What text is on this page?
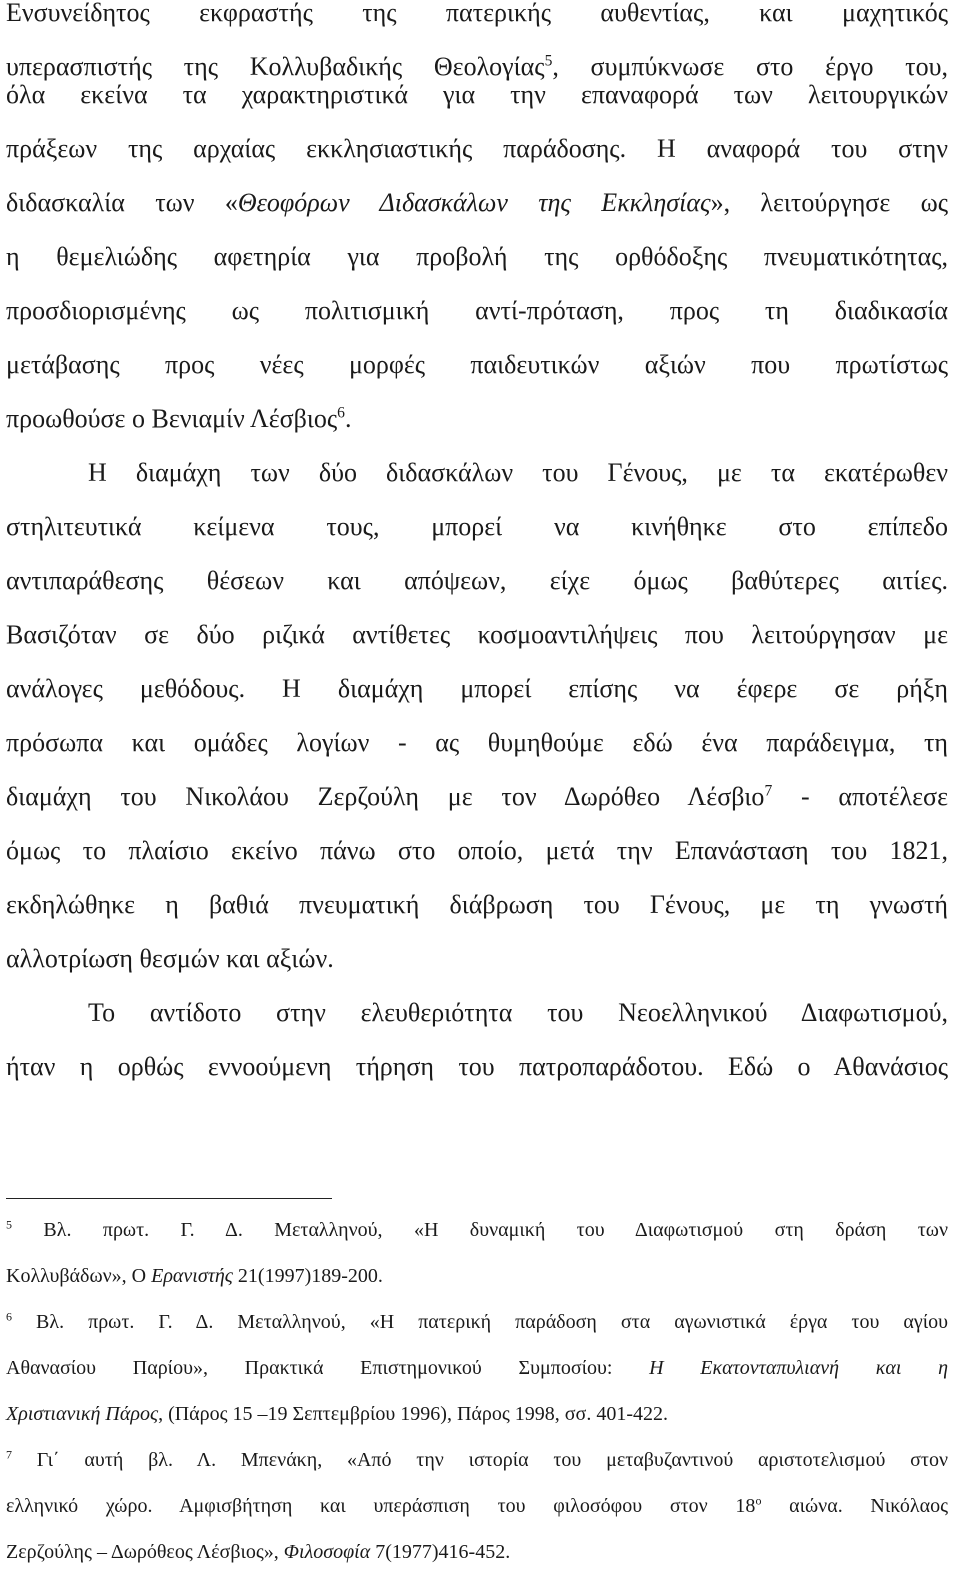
Ενσυνείδητος εκφραστής της πατερικής αυθεντίας, και μαχητικός
υπερασπιστής της Κολλυβαδικής Θεολογίας$^5$, συμπύκνωσε στο έργο του,
όλα εκείνα τα χαρακτηριστικά για την επαναφορά των λειτουργικών
πράξεων της αρχαίας εκκλησιαστικής παράδοσης. Η αναφορά του στην
διδασκαλία των «Θεοφόρων Διδασκάλων της Εκκλησίας», λειτούργησε ως
η θεμελιώδης αφετηρία για προβολή της ορθόδοξης πνευματικότητας,
προσδιορισμένης ως πολιτισμική αντί-πρόταση, προς τη διαδικασία
μετάβασης προς νέες μορφές παιδευτικών αξιών που πρωτίστως
προωθούσε ο Βενιαμίν Λέσβιος$^6$.
Η διαμάχη των δύο διδασκάλων του Γένους, με τα εκατέρωθεν
στηλιτευτικά κείμενα τους, μπορεί να κινήθηκε στο επίπεδο
αντιπαράθεσης θέσεων και απόψεων, είχε όμως βαθύτερες αιτίες.
Βασιζόταν σε δύο ριζικά αντίθετες κοσμοαντιλήψεις που λειτούργησαν με
ανάλογες μεθόδους. Η διαμάχη μπορεί επίσης να έφερε σε ρήξη
πρόσωπα και ομάδες λογίων - ας θυμηθούμε εδώ ένα παράδειγμα, τη
διαμάχη του Νικολάου Ζερζούλη με τον Δωρόθεο Λέσβιο$^7$ - αποτέλεσε
όμως το πλαίσιο εκείνο πάνω στο οποίο, μετά την Επανάσταση του 1821,
εκδηλώθηκε η βαθιά πνευματική διάβρωση του Γένους, με τη γνωστή
αλλοτρίωση θεσμών και αξιών.
Το αντίδοτο στην ελευθεριότητα του Νεοελληνικού Διαφωτισμού,
ήταν η ορθώς εννοούμενη τήρηση του πατροπαράδοτου. Εδώ ο Αθανάσιος
$^5$ Βλ. πρωτ. Γ. Δ. Μεταλληνού, «Η δυναμική του Διαφωτισμού στη δράση των
Κολλυβάδων», Ο Ερανιστής 21(1997)189-200.
$^6$ Βλ. πρωτ. Γ. Δ. Μεταλληνού, «Η πατερική παράδοση στα αγωνιστικά έργα του αγίου
Αθανασίου Παρίου», Πρακτικά Επιστημονικού Συμποσίου: Η Εκατονταπυλιανή και η
Χριστιανική Πάρος, (Πάρος 15 –19 Σεπτεμβρίου 1996), Πάρος 1998, σσ. 401-422.
$^7$ Γι΄ αυτή βλ. Λ. Μπενάκη, «Από την ιστορία του μεταβυζαντινού αριστοτελισμού στον
ελληνικό χώρο. Αμφισβήτηση και υπεράσπιση του φιλοσόφου στον $18^o$ αιώνα. Νικόλαος
Ζερζούλης – Δωρόθεος Λέσβιος», Φιλοσοφία 7(1977)416-452.
